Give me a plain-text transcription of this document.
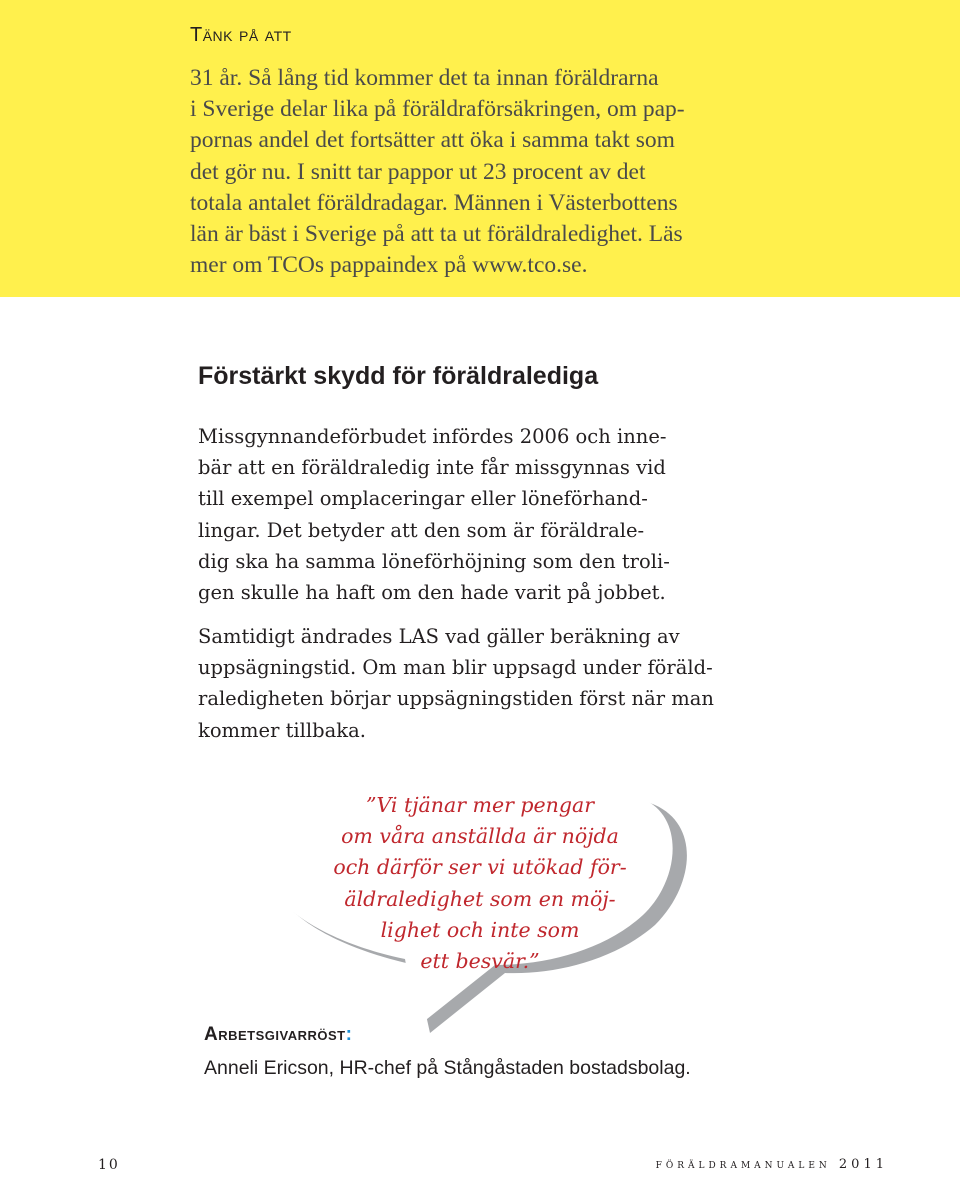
Tänk på att
31 år. Så lång tid kommer det ta innan föräldrarna
i Sverige delar lika på föräldraförsäkringen, om pap-
pornas andel det fortsätter att öka i samma takt som
det gör nu. I snitt tar pappor ut 23 procent av det
totala antalet föräldradagar. Männen i Västerbottens
län är bäst i Sverige på att ta ut föräldraledighet. Läs
mer om TCOs pappaindex på www.tco.se.
Förstärkt skydd för föräldralediga
Missgynnandeförbudet infördes 2006 och inne-
bär att en föräldraledig inte får missgynnas vid
till exempel omplaceringar eller löneförhand-
lingar. Det betyder att den som är föräldrale-
dig ska ha samma löneförhöjning som den troli-
gen skulle ha haft om den hade varit på jobbet.
Samtidigt ändrades LAS vad gäller beräkning av
uppsägningstid. Om man blir uppsagd under föräld-
raledigheten börjar uppsägningstiden först när man
kommer tillbaka.
”Vi tjänar mer pengar
om våra anställda är nöjda
och därför ser vi utökad för-
äldraledighet som en möj-
lighet och inte som
ett besvär.”
Arbetsgivarröst:
Anneli Ericson, HR-chef på Stångåstaden bostadsbolag.
10	föräldramanualen 2011
